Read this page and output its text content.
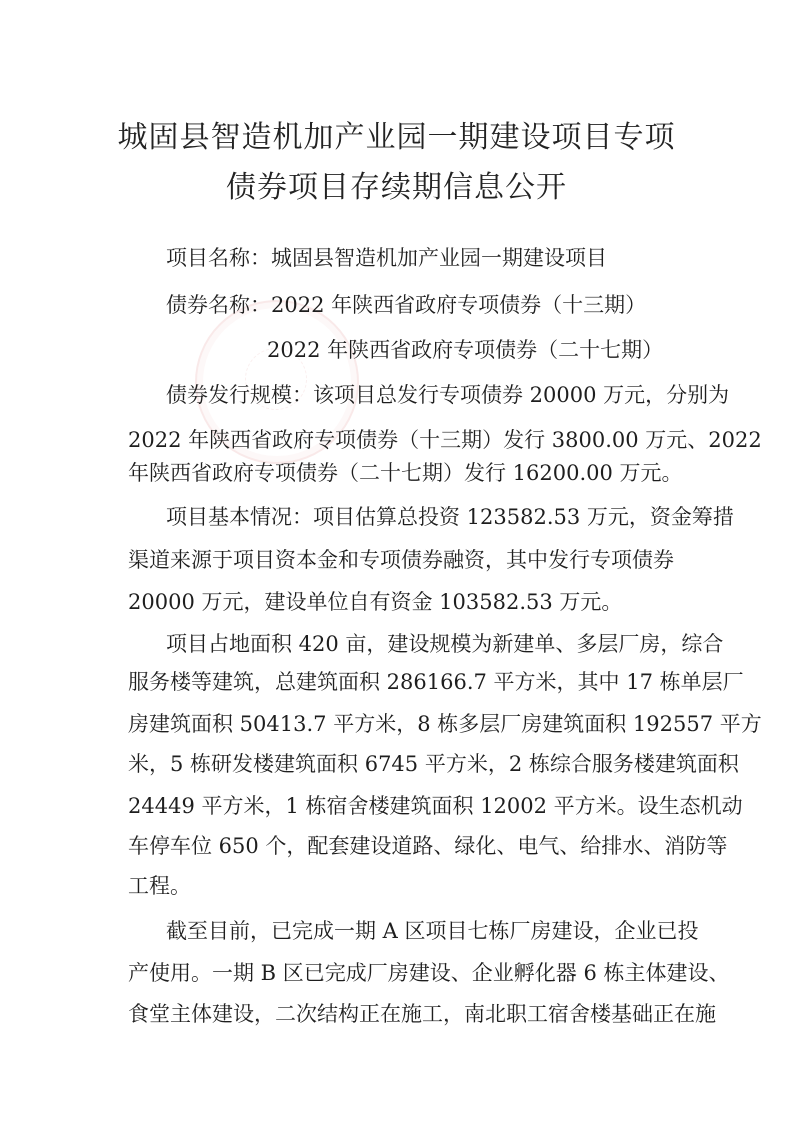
城固县智造机加产业园一期建设项目专项
债券项目存续期信息公开
项目名称：城固县智造机加产业园一期建设项目
债券名称：2022 年陕西省政府专项债券（十三期）
2022 年陕西省政府专项债券（二十七期）
债券发行规模：该项目总发行专项债券 20000 万元，分别为
2022 年陕西省政府专项债券（十三期）发行 3800.00 万元、2022
年陕西省政府专项债券（二十七期）发行 16200.00 万元。
项目基本情况：项目估算总投资 123582.53 万元，资金筹措
渠道来源于项目资本金和专项债券融资，其中发行专项债券
20000 万元，建设单位自有资金 103582.53 万元。
项目占地面积 420 亩，建设规模为新建单、多层厂房，综合
服务楼等建筑，总建筑面积 286166.7 平方米，其中 17 栋单层厂
房建筑面积 50413.7 平方米，8 栋多层厂房建筑面积 192557 平方
米，5 栋研发楼建筑面积 6745 平方米，2 栋综合服务楼建筑面积
24449 平方米，1 栋宿舍楼建筑面积 12002 平方米。设生态机动
车停车位 650 个，配套建设道路、绿化、电气、给排水、消防等
工程。
截至目前，已完成一期 A 区项目七栋厂房建设，企业已投
产使用。一期 B 区已完成厂房建设、企业孵化器 6 栋主体建设、
食堂主体建设，二次结构正在施工，南北职工宿舍楼基础正在施
